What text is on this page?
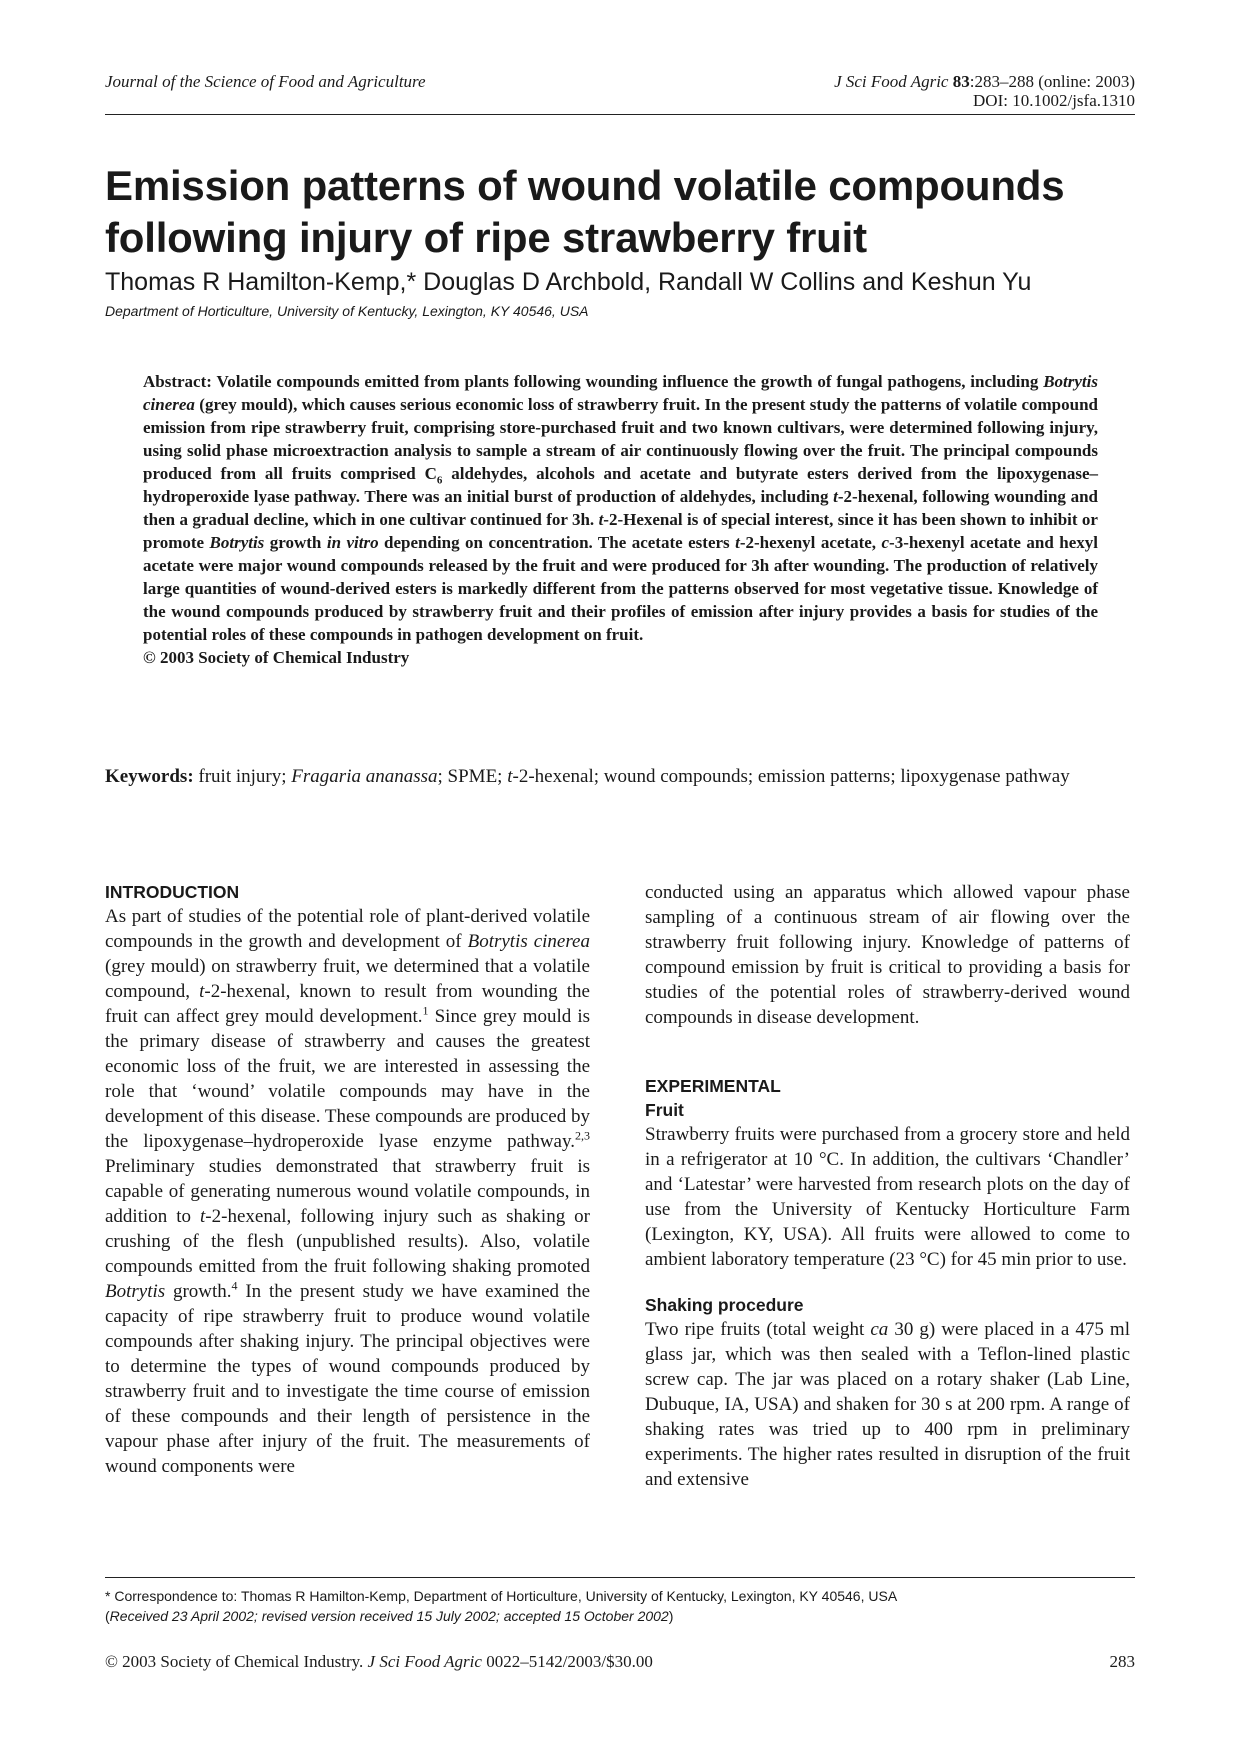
Journal of the Science of Food and Agriculture	J Sci Food Agric 83:283–288 (online: 2003)
DOI: 10.1002/jsfa.1310
Emission patterns of wound volatile compounds following injury of ripe strawberry fruit
Thomas R Hamilton-Kemp,* Douglas D Archbold, Randall W Collins and Keshun Yu
Department of Horticulture, University of Kentucky, Lexington, KY 40546, USA
Abstract: Volatile compounds emitted from plants following wounding influence the growth of fungal pathogens, including Botrytis cinerea (grey mould), which causes serious economic loss of strawberry fruit. In the present study the patterns of volatile compound emission from ripe strawberry fruit, comprising store-purchased fruit and two known cultivars, were determined following injury, using solid phase microextraction analysis to sample a stream of air continuously flowing over the fruit. The principal compounds produced from all fruits comprised $C_6$ aldehydes, alcohols and acetate and butyrate esters derived from the lipoxygenase–hydroperoxide lyase pathway. There was an initial burst of production of aldehydes, including t-2-hexenal, following wounding and then a gradual decline, which in one cultivar continued for 3h. t-2-Hexenal is of special interest, since it has been shown to inhibit or promote Botrytis growth in vitro depending on concentration. The acetate esters t-2-hexenyl acetate, c-3-hexenyl acetate and hexyl acetate were major wound compounds released by the fruit and were produced for 3h after wounding. The production of relatively large quantities of wound-derived esters is markedly different from the patterns observed for most vegetative tissue. Knowledge of the wound compounds produced by strawberry fruit and their profiles of emission after injury provides a basis for studies of the potential roles of these compounds in pathogen development on fruit.
© 2003 Society of Chemical Industry
Keywords: fruit injury; Fragaria ananassa; SPME; t-2-hexenal; wound compounds; emission patterns; lipoxygenase pathway
INTRODUCTION

As part of studies of the potential role of plant-derived volatile compounds in the growth and development of Botrytis cinerea (grey mould) on strawberry fruit, we determined that a volatile compound, t-2-hexenal, known to result from wounding the fruit can affect grey mould development.$^1$ Since grey mould is the primary disease of strawberry and causes the greatest economic loss of the fruit, we are interested in assessing the role that ‘wound’ volatile compounds may have in the development of this disease. These compounds are produced by the lipoxygenase–hydroperoxide lyase enzyme pathway.$^{2,3}$ Preliminary studies demonstrated that strawberry fruit is capable of generating numerous wound volatile compounds, in addition to t-2-hexenal, following injury such as shaking or crushing of the flesh (unpublished results). Also, volatile compounds emitted from the fruit following shaking promoted Botrytis growth.$^4$ In the present study we have examined the capacity of ripe strawberry fruit to produce wound volatile compounds after shaking injury. The principal objectives were to determine the types of wound compounds produced by strawberry fruit and to investigate the time course of emission of these compounds and their length of persistence in the vapour phase after injury of the fruit. The measurements of wound components were

EXPERIMENTAL
Fruit

Strawberry fruits were purchased from a grocery store and held in a refrigerator at 10 °C. In addition, the cultivars ‘Chandler’ and ‘Latestar’ were harvested from research plots on the day of use from the University of Kentucky Horticulture Farm (Lexington, KY, USA). All fruits were allowed to come to ambient laboratory temperature (23 °C) for 45 min prior to use.

Shaking procedure

Two ripe fruits (total weight ca 30 g) were placed in a 475 ml glass jar, which was then sealed with a Teflon-lined plastic screw cap. The jar was placed on a rotary shaker (Lab Line, Dubuque, IA, USA) and shaken for 30 s at 200 rpm. A range of shaking rates was tried up to 400 rpm in preliminary experiments. The higher rates resulted in disruption of the fruit and extensive

* Correspondence to: Thomas R Hamilton-Kemp, Department of Horticulture, University of Kentucky, Lexington, KY 40546, USA
(Received 23 April 2002; revised version received 15 July 2002; accepted 15 October 2002)
© 2003 Society of Chemical Industry. J Sci Food Agric 0022–5142/2003/$30.00	283

conducted using an apparatus which allowed vapour phase sampling of a continuous stream of air flowing over the strawberry fruit following injury. Knowledge of patterns of compound emission by fruit is critical to providing a basis for studies of the potential roles of strawberry-derived wound compounds in disease development.
